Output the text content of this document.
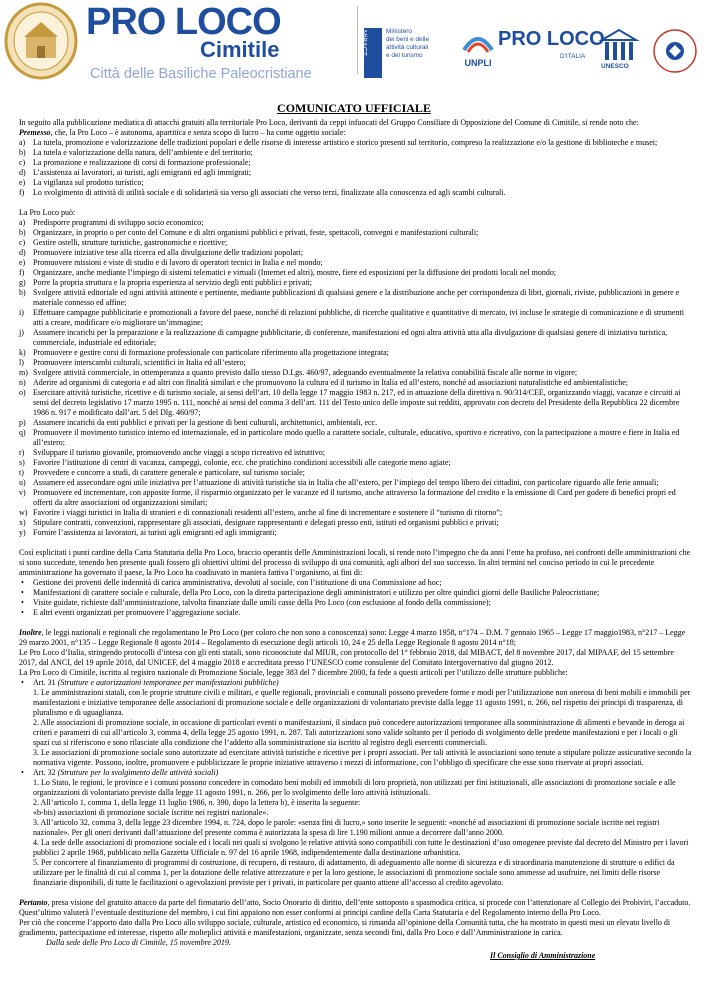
PRO LOCO
Cimitile
Città delle Basiliche Paleocristiane
MiBACT	Ministero
dei beni e delle
attività culturali
e del turismo
UNPLI
PRO LOCO
D'ITALIA
UNESCO
COMUNICATO UFFICIALE

In seguito alla pubblicazione mediatica di attacchi gratuiti alla territoriale Pro Loco, derivanti da ceppi infuocati del Gruppo Consiliare di Opposizione del Comune di Cimitile, si rende noto che:

Premesso, che, la Pro Loco – è autonoma, apartitica e senza scopo di lucro – ha come oggetto sociale:

a) La tutela, promozione e valorizzazione delle tradizioni popolari e delle risorse di interesse artistico e storico presenti sul territorio, compreso la realizzazione e/o la gestione di biblioteche e musei;
b) La tutela e valorizzazione della natura, dell’ambiente e del territorio;
c) La promozione e realizzazione di corsi di formazione professionale;
d) L’assistenza ai lavoratori, ai turisti, agli emigranti ed agli immigrati;
e) La vigilanza sul prodotto turistico;
f) Lo svolgimento di attività di utilità sociale e di solidarietà sia verso gli associati che verso terzi, finalizzate alla conoscenza ed agli scambi culturali.

La Pro Loco può:

a) Predisporre programmi di sviluppo socio economico;
b) Organizzare, in proprio o per conto del Comune e di altri organismi pubblici e privati, feste, spettacoli, convegni e manifestazioni culturali;
c) Gestire ostelli, strutture turistiche, gastronomiche e ricettive;
d) Promuovere iniziative tese alla ricerca ed alla divulgazione delle tradizioni popolari;
e) Promuovere missioni e viste di studio e di lavoro di operatori tecnici in Italia e nel mondo;
f) Organizzare, anche mediante l’impiego di sistemi telematici e virtuali (Internet ed altri), mostre, fiere ed esposizioni per la diffusione dei prodotti locali nel mondo;
g) Porre la propria struttura e la propria esperienza al servizio degli enti pubblici e privati;
h) Svolgere attività editoriale ed ogni attività attinente e pertinente, mediante pubblicazioni di qualsiasi genere e la distribuzione anche per corrispondenza di libri, giornali, riviste, pubblicazioni in genere e materiale connesso ed affine;
i) Effettuare campagne pubblicitarie e promozionali a favore del paese, nonché di relazioni pubbliche, di ricerche qualitative e quantitative di mercato, ivi incluse le strategie di comunicazione e di strumenti atti a creare, modificare e/o migliorare un’immagine;
j) Assumere incarichi per la preparazione e la realizzazione di campagne pubblicitarie, di conferenze, manifestazioni ed ogni altra attività atta alla divulgazione di qualsiasi genere di iniziativa turistica, commerciale, industriale ed editoriale;
k) Promuovere e gestire corsi di formazione professionale con particolare riferimento alla progettazione integrata;
l) Promuovere interscambi culturali, scientifici in Italia ed all’estero;
m) Svolgere attività commerciale, in ottemperanza a quanto previsto dallo stesso D.Lgs. 460/97, adeguando eventualmente la relativa contabilità fiscale alle norme in vigore;
n) Aderire ad organismi di categoria e ad altri con finalità similari e che promuovono la cultura ed il turismo in Italia ed all’estero, nonché ad associazioni naturalistiche ed ambientalistiche;
o) Esercitare attività turistiche, ricettive e di turismo sociale, ai sensi dell’art. 10 della legge 17 maggio 1983 n. 217, ed in attuazione della direttiva n. 90/314/CEE, organizzando viaggi, vacanze e circuiti ai sensi del decreto legislativo 17 marzo 1995 n. 111, nonché ai sensi del comma 3 dell’art. 111 del Testo unico delle imposte sui redditi, approvato con decreto del Presidente della Repubblica 22 dicembre 1986 n. 917 e modificato dall’art. 5 del Dlg. 460/97;
p) Assumere incarichi da enti pubblici e privati per la gestione di beni culturali, architettonici, ambientali, ecc.
q) Promuovere il movimento turistico interno ed internazionale, ed in particolare modo quello a carattere sociale, culturale, educativo, sportivo e ricreativo, con la partecipazione a mostre e fiere in Italia ed all’estero;
r) Sviluppare il turismo giovanile, promuovendo anche viaggi a scopo ricreativo ed istruttivo;
s) Favorire l’istituzione di centri di vacanza, campeggi, colonie, ecc. che pratichino condizioni accessibili alle categorie meno agiate;
t) Provvedere e concorre a studi, di carattere generale e particolare, sul turismo sociale;
u) Assumere ed assecondare ogni utile iniziativa per l’attuazione di attività turistiche sia in Italia che all’estero, per l’impiego del tempo libero dei cittadini, con particolare riguardo alle ferie annuali;
v) Promuovere ed incrementare, con apposite forme, il risparmio organizzato per le vacanze ed il turismo, anche attraverso la formazione del credito e la emissione di Card per godere di benefici propri ed offerti da altre associazioni od organizzazioni similari;
w) Favorire i viaggi turistici in Italia di stranieri e di connazionali residenti all’estero, anche al fine di incrementare e sostenere il “turismo di ritorno”;
x) Stipulare contratti, convenzioni, rappresentare gli associati, designare rappresentanti e delegati presso enti, istituti ed organismi pubblici e privati;
y) Fornire l’assistenza ai lavoratori, ai turisti agli emigranti ed agli immigranti;

Così esplicitati i punti cardine della Carta Statutaria della Pro Loco, braccio operantis delle Amministrazioni locali, si rende noto l’impegno che da anni l’ente ha profuso, nei confronti delle amministrazioni che si sono succedute, tenendo ben presente quali fossero gli obiettivi ultimi del processo di sviluppo di una comunità, agli albori del suo successo. In altri termini nel conciso periodo in cui le precedente amministrazione ha governato il paese, la Pro Loco ha coadiuvato in maniera fattiva l’organismo, ai fini di:

• Gestione dei proventi delle indennità di carica amministrativa, devoluti al sociale, con l’istituzione di una Commissione ad hoc;
• Manifestazioni di carattere sociale e culturale, della Pro Loco, con la diretta partecipazione degli amministratori e utilizzo per oltre quindici giorni delle Basiliche Paleocristiane;
• Visite guidate, richieste dall’amministrazione, talvolta finanziate dalle umili casse della Pro Loco (con esclusione al fondo della commissione);
• E altri eventi organizzati per promuovere l’aggregazione sociale.

Inoltre, le leggi nazionali e regionali che regolamentano le Pro Loco (per coloro che non sono a conoscenza) sono: Legge 4 marzo 1958, n°174 – D.M. 7 gennaio 1965 – Legge 17 maggio1983, n°217 – Legge 29 marzo 2001, n°135 – Legge Regionale 8 agosto 2014 – Regolamento di esecuzione degli articoli 10, 24 e 25 della Legge Regionale 8 agosto 2014 n°18;

Le Pro Loco d’Italia, stringendo protocolli d’intesa con gli enti statali, sono riconosciute dal MIUR, con protocollo del 1° febbraio 2018, dal MIBACT, del 8 novembre 2017, dal MIPAAF, del 15 settembre 2017, dal ANCI, del 19 aprile 2018, dal UNICEF, del 4 maggio 2018 e accreditata presso l’UNESCO come consulente del Comitato Intergovernativo dal giugno 2012.

La Pro Loco di Cimitile, iscritta al registro nazionale di Promozione Sociale, legge 383 del 7 dicembre 2000, fa fede a questi articoli per l’utilizzo delle strutture pubbliche:

• Art. 31 (Strutture e autorizzazioni temporanee per manifestazioni pubbliche)

1. Le amministrazioni statali, con le proprie strutture civili e militari, e quelle regionali, provinciali e comunali possono prevedere forme e modi per l’utilizzazione non onerosa di beni mobili e immobili per manifestazioni e iniziative temporanee delle associazioni di promozione sociale e delle organizzazioni di volontariato previste dalla legge 11 agosto 1991, n. 266, nel rispetto dei principi di trasparenza, di pluralismo e di uguaglianza.

2. Alle associazioni di promozione sociale, in occasione di particolari eventi o manifestazioni, il sindaco può concedere autorizzazioni temporanee alla somministrazione di alimenti e bevande in deroga ai criteri e parametri di cui all’articolo 3, comma 4, della legge 25 agosto 1991, n. 287. Tali autorizzazioni sono valide soltanto per il periodo di svolgimento delle predette manifestazioni e per i locali o gli spazi cui si riferiscono e sono rilasciate alla condizione che l’addetto alla somministrazione sia iscritto al registro degli esercenti commerciali.

3. Le associazioni di promozione sociale sono autorizzate ad esercitare attività turistiche e ricettive per i propri associati. Per tali attività le associazioni sono tenute a stipulare polizze assicurative secondo la normativa vigente. Possono, inoltre, promuovere e pubblicizzare le proprie iniziative attraverso i mezzi di informazione, con l’obbligo di specificare che esse sono riservate ai propri associati.

• Art. 32 (Strutture per lo svolgimento delle attività sociali)

1. Lo Stato, le regioni, le province e i comuni possono concedere in comodato beni mobili ed immobili di loro proprietà, non utilizzati per fini istituzionali, alle associazioni di promozione sociale e alle organizzazioni di volontariato previste dalla legge 11 agosto 1991, n. 266, per lo svolgimento delle loro attività istituzionali.

2. All’articolo 1, comma 1, della legge 11 luglio 1986, n. 390, dopo la lettera b), è inserita la seguente:

«b-bis) associazioni di promozione sociale iscritte nei registri nazionale».

3. All’articolo 32, comma 3, della legge 23 dicembre 1994, n. 724, dopo le parole: «senza fini di lucro,» sono inserite le seguenti: «nonché ad associazioni di promozione sociale iscritte nei registri nazionale». Per gli oneri derivanti dall’attuazione del presente comma è autorizzata la spesa di lire 1.190 milioni annue a decorrere dall’anno 2000.

4. La sede delle associazioni di promozione sociale ed i locali nei quali si svolgono le relative attività sono compatibili con tutte le destinazioni d’uso omogenee previste dal decreto del Ministro per i lavori pubblici 2 aprile 1968, pubblicato nella Gazzetta Ufficiale n. 97 del 16 aprile 1968, indipendentemente dalla destinazione urbanistica.

5. Per concorrere al finanziamento di programmi di costruzione, di recupero, di restauro, di adattamento, di adeguamento alle norme di sicurezza e di straordinaria manutenzione di strutture o edifici da utilizzare per le finalità di cui al comma 1, per la dotazione delle relative attrezzature e per la loro gestione, le associazioni di promozione sociale sono ammesse ad usufruire, nei limiti delle risorse finanziarie disponibili, di tutte le facilitazioni o agevolazioni previste per i privati, in particolare per quanto attiene all’accesso al credito agevolato.

Pertanto, presa visione del gratuito attacco da parte del firmatario dell’atto, Socio Onorario di diritto, dell’ente sottoposto a spasmodica critica, si procede con l’attenzionare al Collegio dei Probiviri, l’accaduto. Quest’ultimo valuterà l’eventuale destituzione del membro, i cui fini appaiono non esser conformi ai principi cardine della Carta Statutaria e del Regolamento interno della Pro Loco.

Per ciò che concerne l’apporto dato dalla Pro Loco allo sviluppo sociale, culturale, artistico ed economico, si rimanda all’opinione della Comunità tutta, che ha mostrato in questi mesi un elevato livello di gradimento, partecipazione ed interesse, rispetto alle molteplici attività e manifestazioni, organizzate, senza secondi fini, dalla Pro Loco e dall’Amministrazione in carica.

Dalla sede delle Pro Loco di Cimitile, 15 novembre 2019.
Il Consiglio di Amministrazione
